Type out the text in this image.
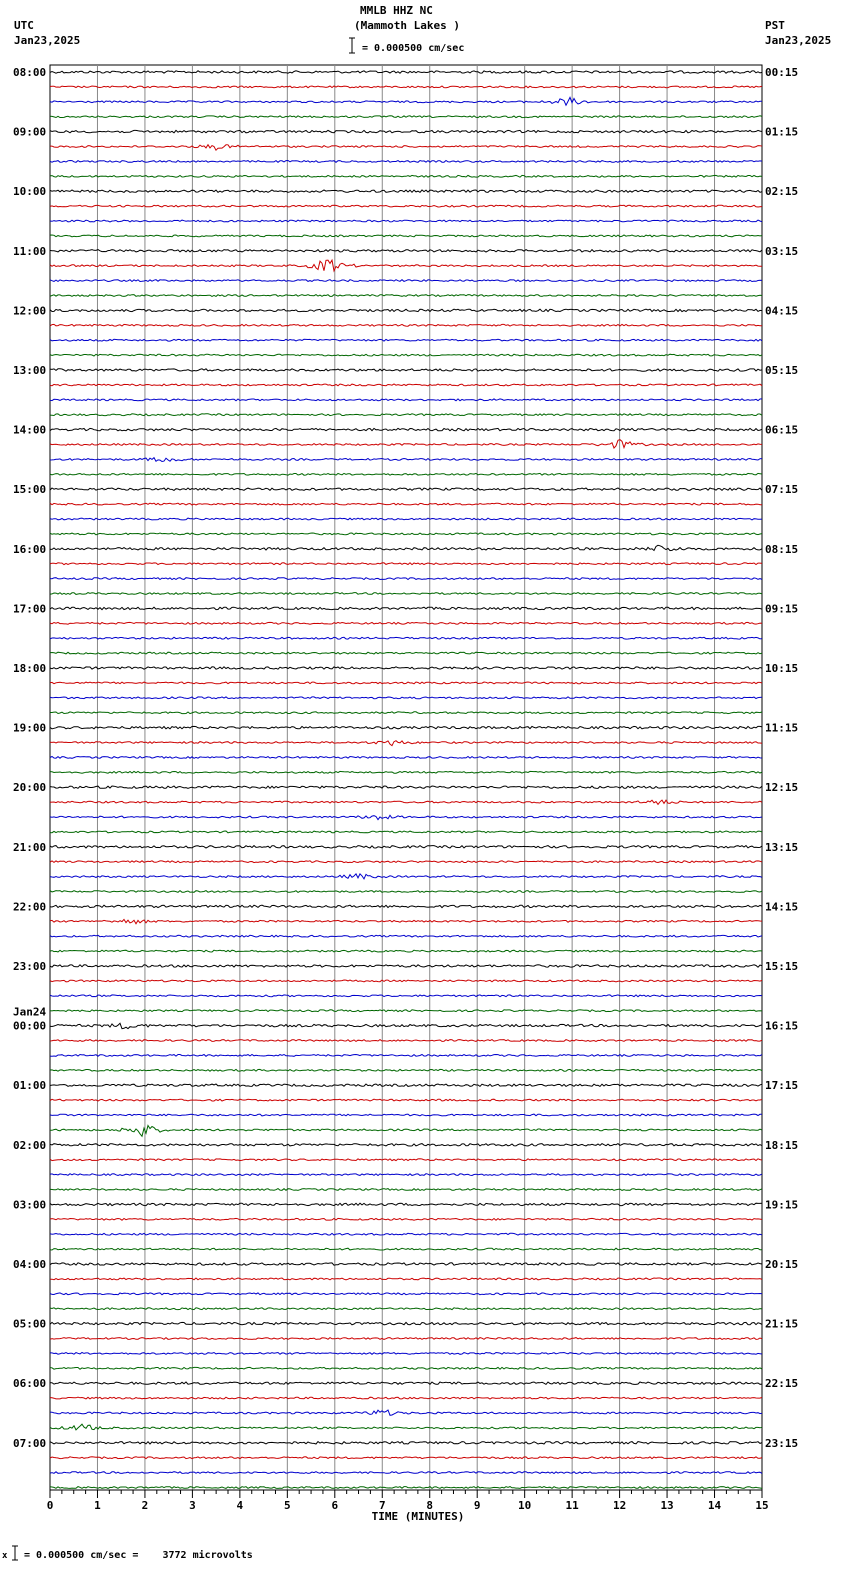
MMLB HHZ NC
(Mammoth Lakes )
UTC
Jan23,2025
PST
Jan23,2025
= 0.000500 cm/sec
x = 0.000500 cm/sec =    3772 microvolts
0	1	2	3	4	5	6	7	8	9	10	11	12	13	14	15
08:00
09:00
10:00
11:00
12:00
13:00
14:00
15:00
16:00
17:00
18:00
19:00
20:00
21:00
22:00
23:00
00:00
01:00
02:00
03:00
04:00
05:00
06:00
07:00
00:15
01:15
02:15
03:15
04:15
05:15
06:15
07:15
08:15
09:15
10:15
11:15
12:15
13:15
14:15
15:15
16:15
17:15
18:15
19:15
20:15
21:15
22:15
23:15
Jan24
TIME (MINUTES)
